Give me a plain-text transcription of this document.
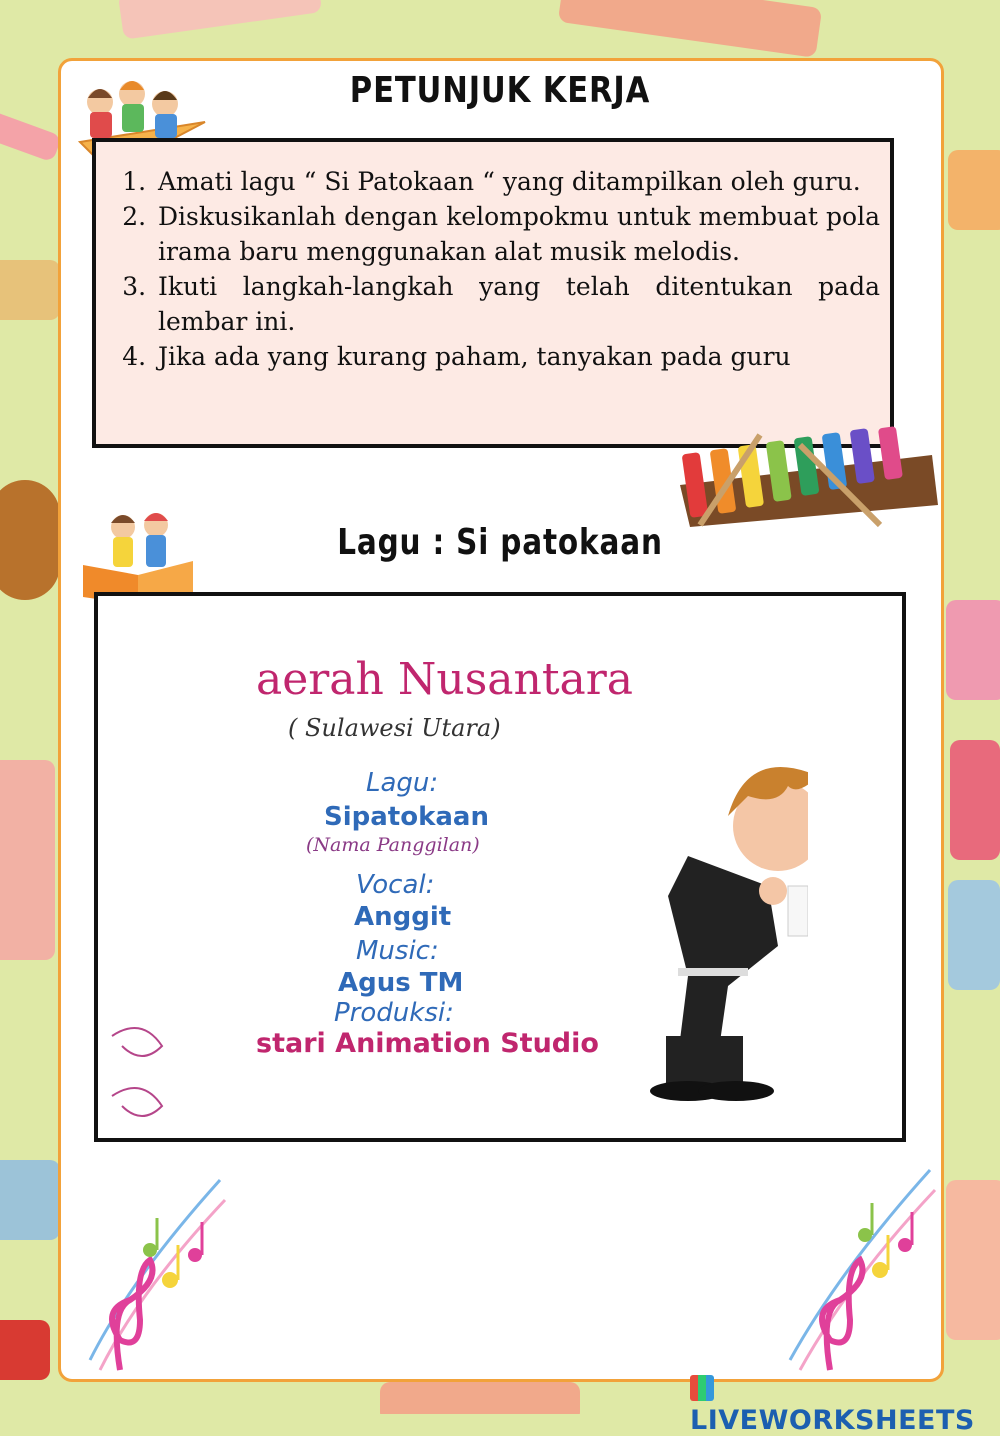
PETUNJUK KERJA
1. Amati lagu “ Si Patokaan “ yang ditampilkan oleh guru.
2. Diskusikanlah dengan kelompokmu untuk membuat pola irama baru menggunakan alat musik melodis.
3. Ikuti langkah-langkah yang telah ditentukan pada lembar ini.
4. Jika ada yang kurang paham, tanyakan pada guru
Lagu : Si patokaan
aerah Nusantara
( Sulawesi Utara)
Lagu:
Sipatokaan
(Nama Panggilan)
Vocal:
Anggit
Music:
Agus TM
Produksi:
stari Animation Studio
LIVEWORKSHEETS
